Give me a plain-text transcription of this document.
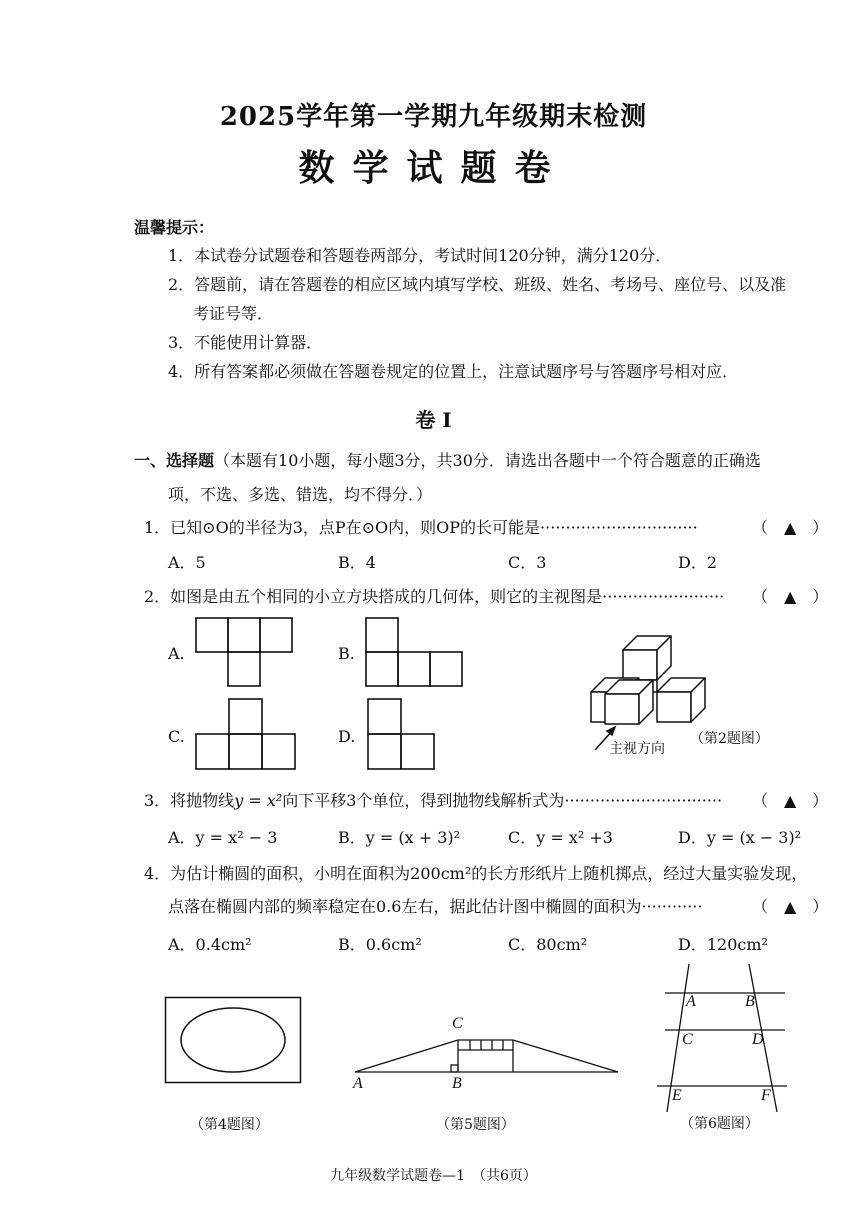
2025学年第一学期九年级期末检测
数学试题卷
温馨提示：
1．本试卷分试题卷和答题卷两部分，考试时间120分钟，满分120分．
2．答题前，请在答题卷的相应区域内填写学校、班级、姓名、考场号、座位号、以及准
考证号等．
3．不能使用计算器．
4．所有答案都必须做在答题卷规定的位置上，注意试题序号与答题序号相对应．
卷 I
一、选择题（本题有10小题，每小题3分，共30分．请选出各题中一个符合题意的正确选
项，不选、多选、错选，均不得分．）
1．已知⊙O的半径为3，点P在⊙O内，则OP的长可能是·······························	（　▲　）
A．5	B．4	C．3	D．2
2．如图是由五个相同的小立方块搭成的几何体，则它的主视图是························	（　▲　）
A.	B.
C.	D.
主视方向
（第2题图）
3．将抛物线y = x²向下平移3个单位，得到抛物线解析式为·······························	（　▲　）
A．y = x² − 3	B．y = (x + 3)²	C．y = x² +3	D．y = (x − 3)²
4．为估计椭圆的面积，小明在面积为200cm²的长方形纸片上随机掷点，经过大量实验发现，
点落在椭圆内部的频率稳定在0.6左右，据此估计图中椭圆的面积为············	（　▲　）
A．0.4cm²	B．0.6cm²	C．80cm²	D．120cm²
（第4题图）
C
A	B
（第5题图）
A	B
C	D
E	F
（第6题图）
九年级数学试题卷—1　（共6页）
